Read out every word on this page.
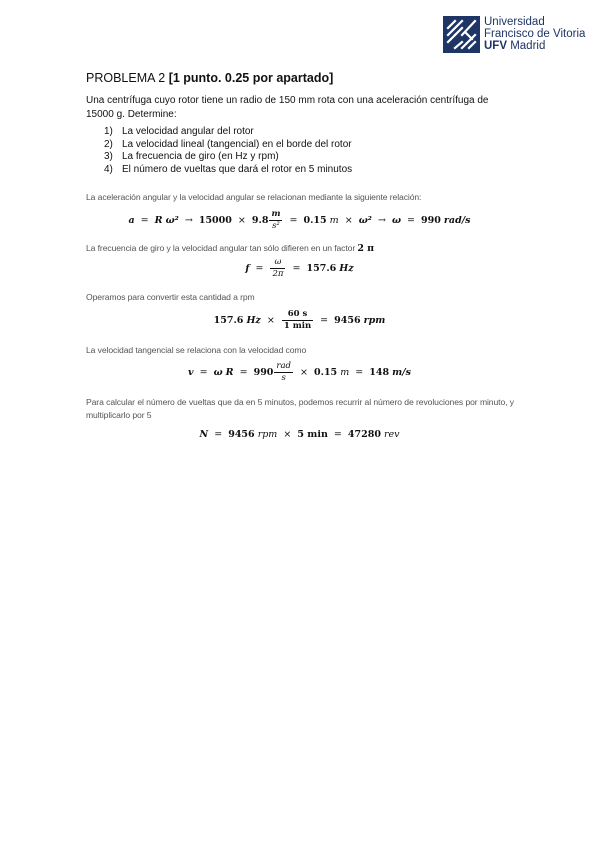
Universidad
Francisco de Vitoria
UFV Madrid
PROBLEMA 2 [1 punto. 0.25 por apartado]
Una centrífuga cuyo rotor tiene un radio de 150 mm rota con una aceleración centrífuga de 15000 g. Determine:
1) La velocidad angular del rotor
2) La velocidad lineal (tangencial) en el borde del rotor
3) La frecuencia de giro (en Hz y rpm)
4) El número de vueltas que dará el rotor en 5 minutos
La aceleración angular y la velocidad angular se relacionan mediante la siguiente relación:
a = R ω² → 15000 × 9.8
m
s² = 0.15 m × ω² → ω = 990 rad/s
La frecuencia de giro y la velocidad angular tan sólo difieren en un factor 2 π
$f = \frac{\omega}{2\pi} = 157.6$ Hz
Operamos para convertir esta cantidad a rpm
157.6 $Hz \times \frac{60 s}{1 \min} = 9456$ rpm
La velocidad tangencial se relaciona con la velocidad como
v = ω $R = 990 \frac{\text{rad}}{s} \times 0.15$ m = 148 m/s
Para calcular el número de vueltas que da en 5 minutos, podemos recurrir al número de revoluciones por minuto, y multiplicarlo por 5
N = 9456 rpm × 5 min = 47280 rev
